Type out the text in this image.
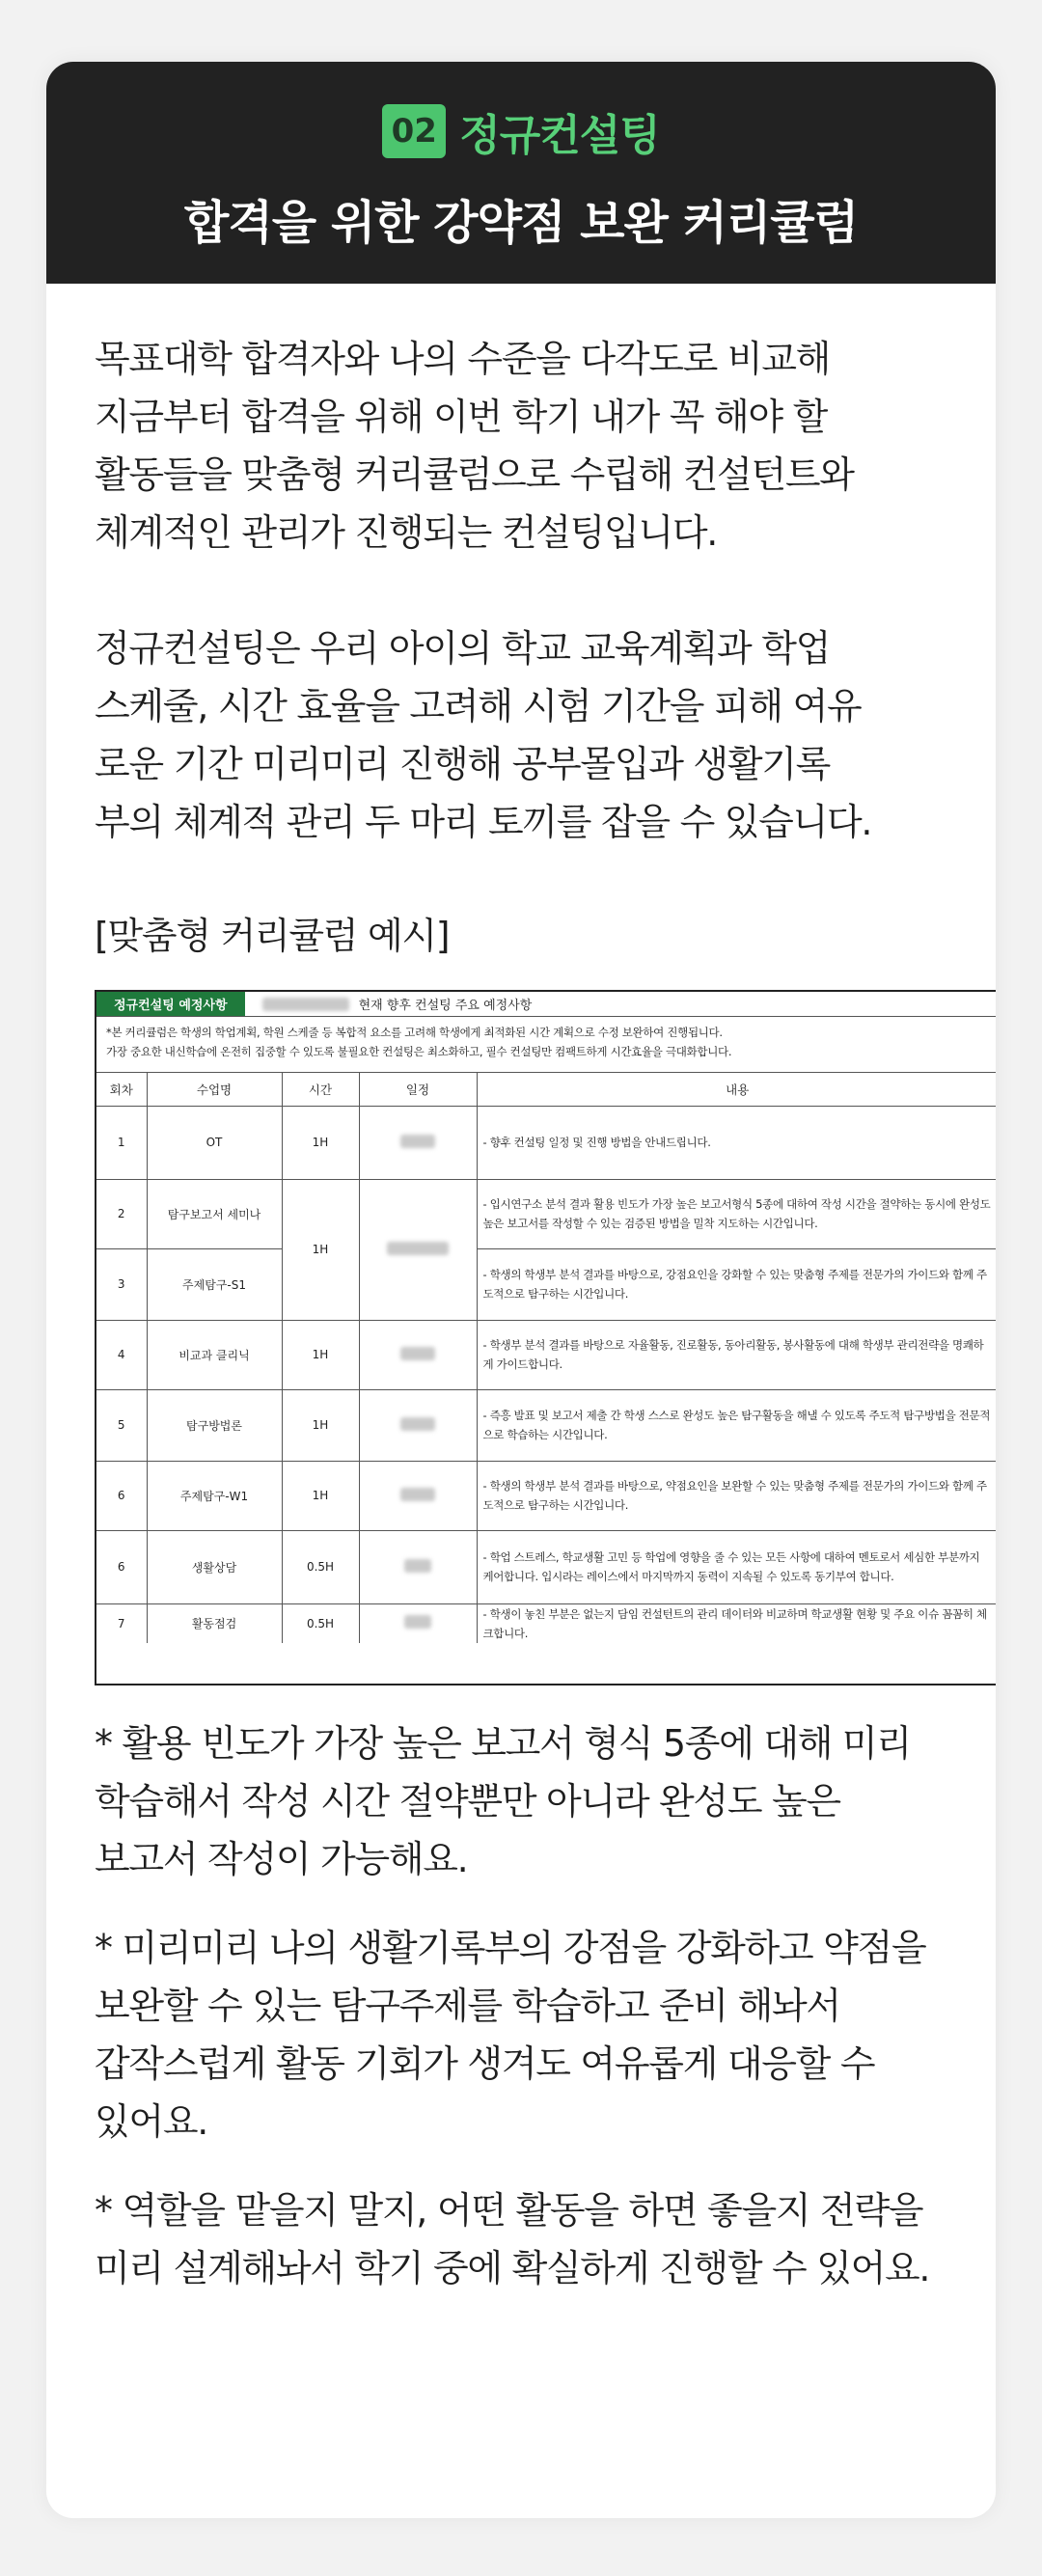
02 정규컨설팅
합격을 위한 강약점 보완 커리큘럼

목표대학 합격자와 나의 수준을 다각도로 비교해
지금부터 합격을 위해 이번 학기 내가 꼭 해야 할
활동들을 맞춤형 커리큘럼으로 수립해 컨설턴트와
체계적인 관리가 진행되는 컨설팅입니다.

정규컨설팅은 우리 아이의 학교 교육계획과 학업
스케줄, 시간 효율을 고려해 시험 기간을 피해 여유
로운 기간 미리미리 진행해 공부몰입과 생활기록
부의 체계적 관리 두 마리 토끼를 잡을 수 있습니다.

[맞춤형 커리큘럼 예시]
정규컨설팅 예정사항	현재 향후 컨설팅 주요 예정사항
*본 커리큘럼은 학생의 학업계획, 학원 스케줄 등 복합적 요소를 고려해 학생에게 최적화된 시간 계획으로 수정 보완하여 진행됩니다.
가장 중요한 내신학습에 온전히 집중할 수 있도록 불필요한 컨설팅은 최소화하고, 필수 컨설팅만 컴팩트하게 시간효율을 극대화합니다.
회차	수업명	시간	일정	내용
1	OT	1H		- 향후 컨설팅 일정 및 진행 방법을 안내드립니다.
2	탐구보고서 세미나	1H		- 입시연구소 분석 결과 활용 빈도가 가장 높은 보고서형식 5종에 대하여 작성 시간을 절약하는 동시에 완성도 높은 보고서를 작성할 수 있는 검증된 방법을 밀착 지도하는 시간입니다.
3	주제탐구-S1			- 학생의 학생부 분석 결과를 바탕으로, 강점요인을 강화할 수 있는 맞춤형 주제를 전문가의 가이드와 함께 주도적으로 탐구하는 시간입니다.
4	비교과 클리닉	1H		- 학생부 분석 결과를 바탕으로 자율활동, 진로활동, 동아리활동, 봉사활동에 대해 학생부 관리전략을 명쾌하게 가이드합니다.
5	탐구방법론	1H		- 즉흥 발표 및 보고서 제출 간 학생 스스로 완성도 높은 탐구활동을 해낼 수 있도록 주도적 탐구방법을 전문적으로 학습하는 시간입니다.
6	주제탐구-W1	1H		- 학생의 학생부 분석 결과를 바탕으로, 약점요인을 보완할 수 있는 맞춤형 주제를 전문가의 가이드와 함께 주도적으로 탐구하는 시간입니다.
6	생활상담	0.5H		- 학업 스트레스, 학교생활 고민 등 학업에 영향을 줄 수 있는 모든 사항에 대하여 멘토로서 세심한 부분까지 케어합니다. 입시라는 레이스에서 마지막까지 동력이 지속될 수 있도록 동기부여 합니다.
7	활동점검	0.5H		- 학생이 놓친 부분은 없는지 담임 컨설턴트의 관리 데이터와 비교하며 학교생활 현황 및 주요 이슈 꼼꼼히 체크합니다.

* 활용 빈도가 가장 높은 보고서 형식 5종에 대해 미리
학습해서 작성 시간 절약뿐만 아니라 완성도 높은
보고서 작성이 가능해요.

* 미리미리 나의 생활기록부의 강점을 강화하고 약점을
보완할 수 있는 탐구주제를 학습하고 준비 해놔서
갑작스럽게 활동 기회가 생겨도 여유롭게 대응할 수
있어요.

* 역할을 맡을지 말지, 어떤 활동을 하면 좋을지 전략을
미리 설계해놔서 학기 중에 확실하게 진행할 수 있어요.
